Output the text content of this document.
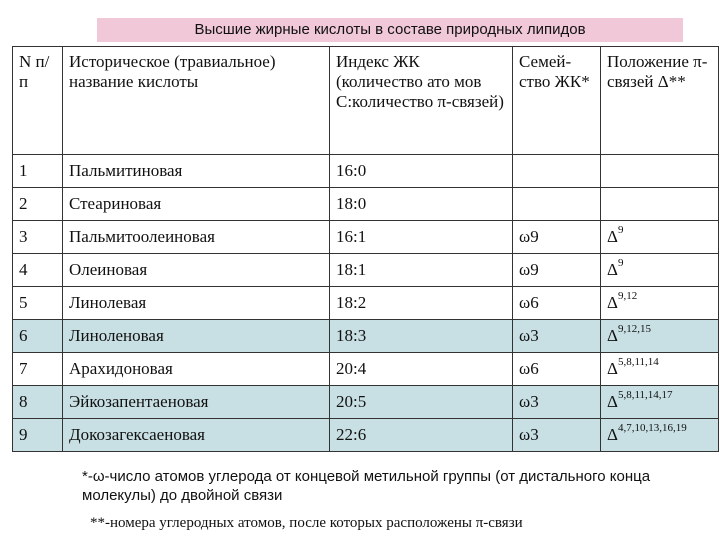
Высшие жирные кислоты в составе природных липидов
N п/п	Историческое (травиальное) название кислоты	Индекс ЖК (количество ато мов С:количество π-связей)	Семей-ство ЖК*	Положение π-связей Δ**
1	Пальмитиновая	16:0		
2	Стеариновая	18:0		
3	Пальмитоолеиновая	16:1	ω9	$\Delta^9$
4	Олеиновая	18:1	ω9	$\Delta^9$
5	Линолевая	18:2	ω6	Δ$^{9,12}$
6	Линоленовая	18:3	ω3	Δ$^{9,12,15}$
7	Арахидоновая	20:4	ω6	Δ$^{5,8,11,14}$
8	Эйкозапентаеновая	20:5	ω3	Δ$^{5,8,11,14,17}$
9	Докозагексаеновая	22:6	ω3	Δ$^{4,7,10,13,16,19}$
*-ω-число атомов углерода от концевой метильной группы (от дистального конца молекулы) до двойной связи
**-номера углеродных атомов, после которых расположены π-связи
